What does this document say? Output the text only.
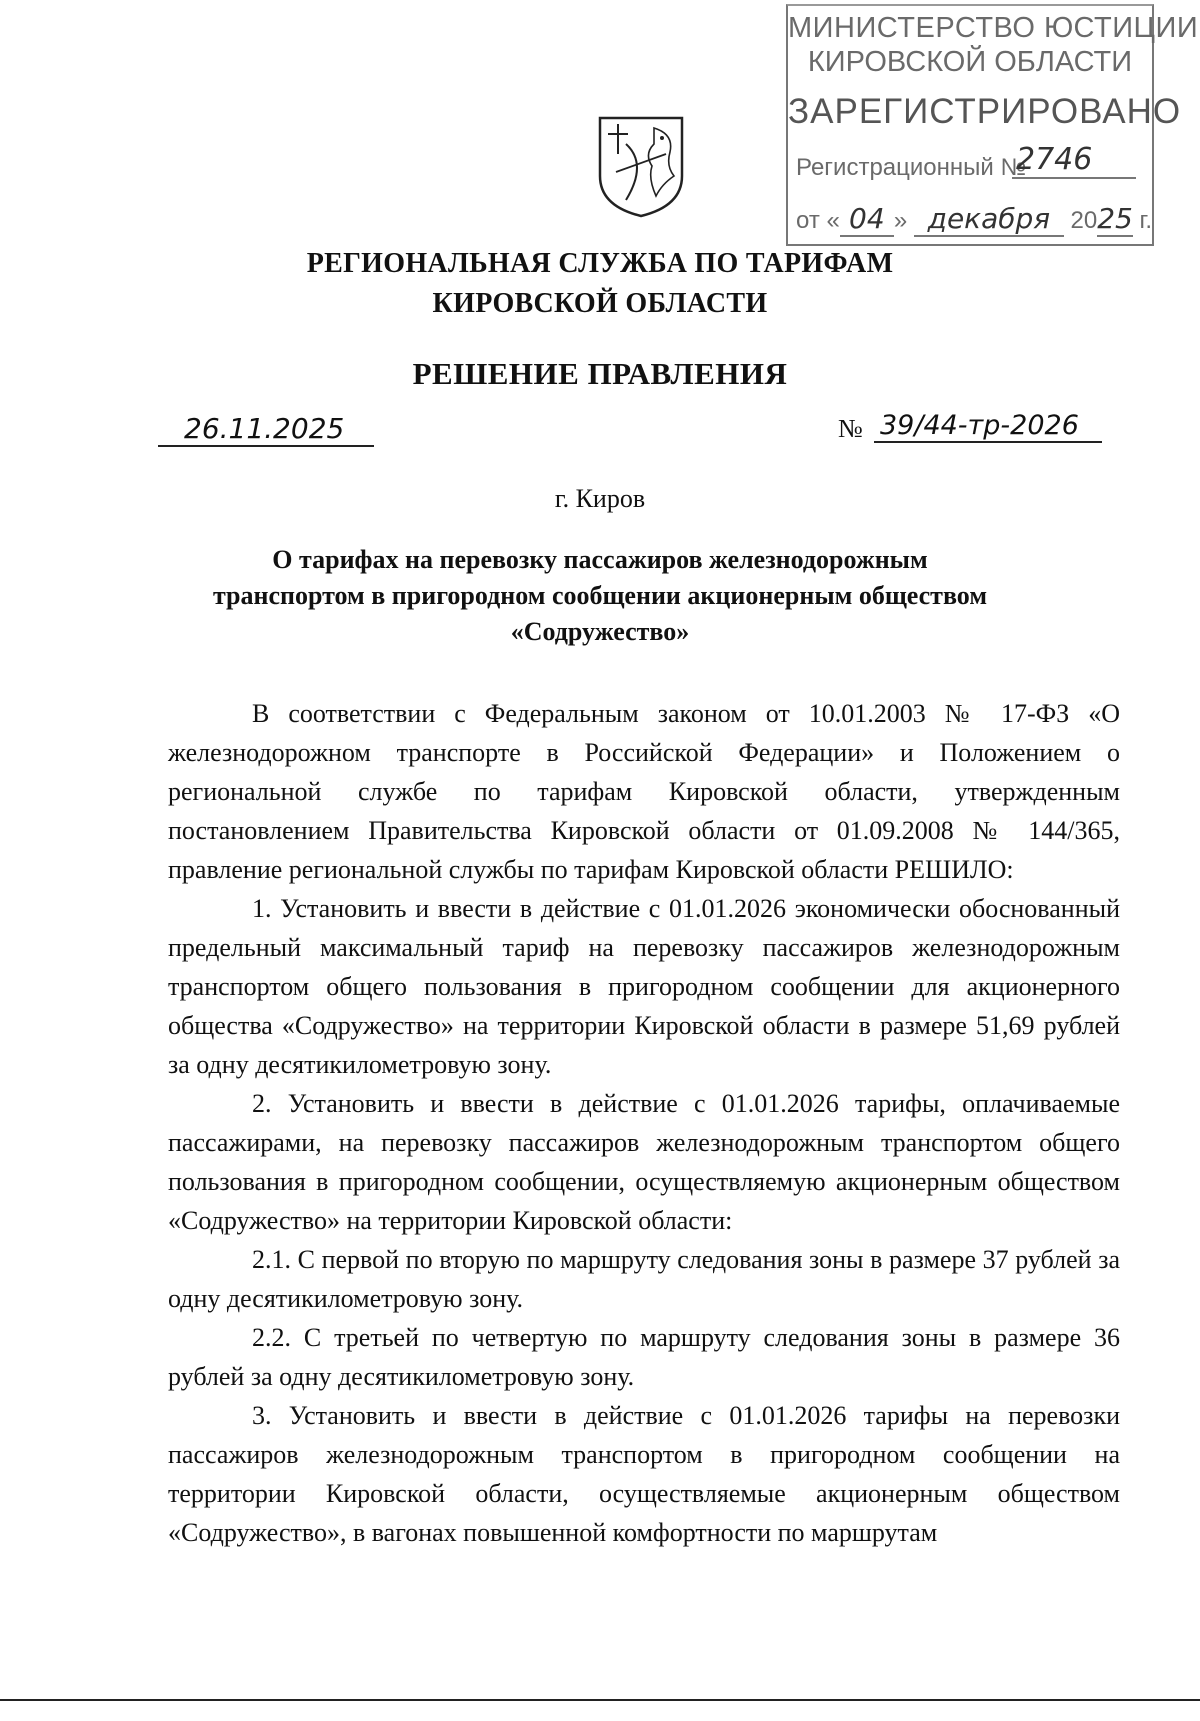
МИНИСТЕРСТВО ЮСТИЦИИ
КИРОВСКОЙ ОБЛАСТИ
ЗАРЕГИСТРИРОВАНО
Регистрационный №
2746
от « 04 » декабря 2025 г.
РЕГИОНАЛЬНАЯ СЛУЖБА ПО ТАРИФАМ
КИРОВСКОЙ ОБЛАСТИ
РЕШЕНИЕ ПРАВЛЕНИЯ
26.11.2025	№ 39/44-тр-2026
г. Киров
О тарифах на перевозку пассажиров железнодорожным
транспортом в пригородном сообщении акционерным обществом
«Содружество»

В соответствии с Федеральным законом от 10.01.2003 № 17-ФЗ «О железнодорожном транспорте в Российской Федерации» и Положением о региональной службе по тарифам Кировской области, утвержденным постановлением Правительства Кировской области от 01.09.2008 № 144/365, правление региональной службы по тарифам Кировской области РЕШИЛО:

1. Установить и ввести в действие с 01.01.2026 экономически обоснованный предельный максимальный тариф на перевозку пассажиров железнодорожным транспортом общего пользования в пригородном сообщении для акционерного общества «Содружество» на территории Кировской области в размере 51,69 рублей за одну десятикилометровую зону.

2. Установить и ввести в действие с 01.01.2026 тарифы, оплачиваемые пассажирами, на перевозку пассажиров железнодорожным транспортом общего пользования в пригородном сообщении, осуществляемую акционерным обществом «Содружество» на территории Кировской области:

2.1. С первой по вторую по маршруту следования зоны в размере 37 рублей за одну десятикилометровую зону.

2.2. С третьей по четвертую по маршруту следования зоны в размере 36 рублей за одну десятикилометровую зону.

3. Установить и ввести в действие с 01.01.2026 тарифы на перевозки пассажиров железнодорожным транспортом в пригородном сообщении на территории Кировской области, осуществляемые акционерным обществом «Содружество», в вагонах повышенной комфортности по маршрутам
